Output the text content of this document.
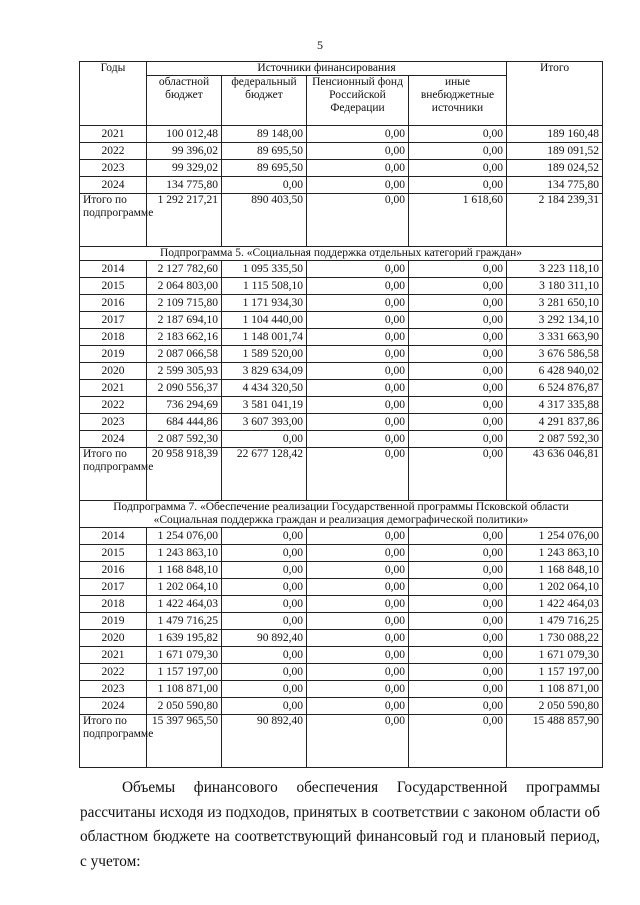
5
Годы	Источники финансирования				Итого
	областной бюджет	федеральный бюджет	Пенсионный фонд Российской Федерации	иные внебюджетные источники	
2021	100 012,48	89 148,00	0,00	0,00	189 160,48
2022	99 396,02	89 695,50	0,00	0,00	189 091,52
2023	99 329,02	89 695,50	0,00	0,00	189 024,52
2024	134 775,80	0,00	0,00	0,00	134 775,80
Итого по подпрограмме	1 292 217,21	890 403,50	0,00	1 618,60	2 184 239,31
Подпрограмма 5. «Социальная поддержка отдельных категорий граждан»					
2014	2 127 782,60	1 095 335,50	0,00	0,00	3 223 118,10
2015	2 064 803,00	1 115 508,10	0,00	0,00	3 180 311,10
2016	2 109 715,80	1 171 934,30	0,00	0,00	3 281 650,10
2017	2 187 694,10	1 104 440,00	0,00	0,00	3 292 134,10
2018	2 183 662,16	1 148 001,74	0,00	0,00	3 331 663,90
2019	2 087 066,58	1 589 520,00	0,00	0,00	3 676 586,58
2020	2 599 305,93	3 829 634,09	0,00	0,00	6 428 940,02
2021	2 090 556,37	4 434 320,50	0,00	0,00	6 524 876,87
2022	736 294,69	3 581 041,19	0,00	0,00	4 317 335,88
2023	684 444,86	3 607 393,00	0,00	0,00	4 291 837,86
2024	2 087 592,30	0,00	0,00	0,00	2 087 592,30
Итого по подпрограмме	20 958 918,39	22 677 128,42	0,00	0,00	43 636 046,81
Подпрограмма 7. «Обеспечение реализации Государственной программы Псковской области «Социальная поддержка граждан и реализация демографической политики»					
2014	1 254 076,00	0,00	0,00	0,00	1 254 076,00
2015	1 243 863,10	0,00	0,00	0,00	1 243 863,10
2016	1 168 848,10	0,00	0,00	0,00	1 168 848,10
2017	1 202 064,10	0,00	0,00	0,00	1 202 064,10
2018	1 422 464,03	0,00	0,00	0,00	1 422 464,03
2019	1 479 716,25	0,00	0,00	0,00	1 479 716,25
2020	1 639 195,82	90 892,40	0,00	0,00	1 730 088,22
2021	1 671 079,30	0,00	0,00	0,00	1 671 079,30
2022	1 157 197,00	0,00	0,00	0,00	1 157 197,00
2023	1 108 871,00	0,00	0,00	0,00	1 108 871,00
2024	2 050 590,80	0,00	0,00	0,00	2 050 590,80
Итого по подпрограмме	15 397 965,50	90 892,40	0,00	0,00	15 488 857,90
Объемы финансового обеспечения Государственной программы рассчитаны исходя из подходов, принятых в соответствии с законом области об областном бюджете на соответствующий финансовый год и плановый период, с учетом:
